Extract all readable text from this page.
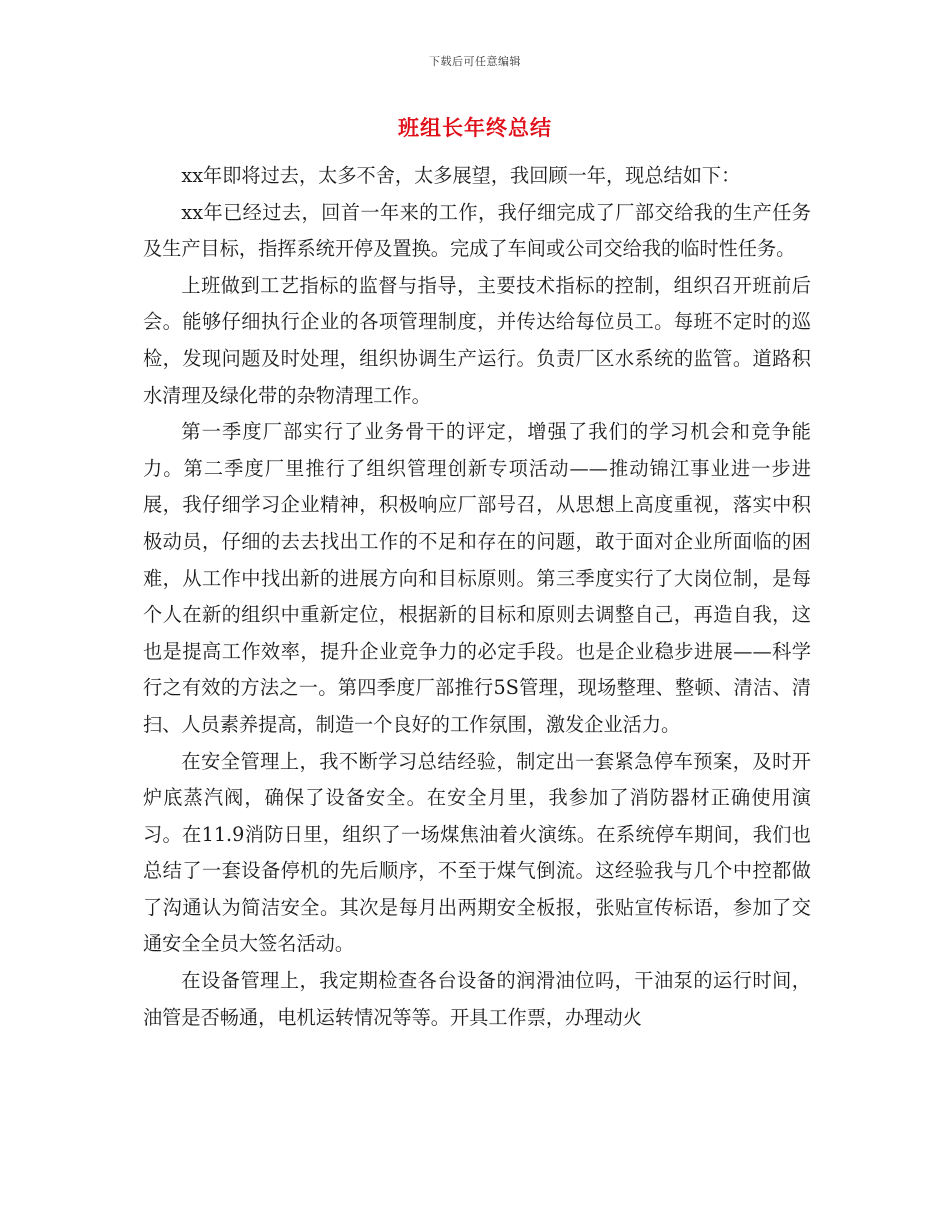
下载后可任意编辑
班组长年终总结

xx年即将过去，太多不舍，太多展望，我回顾一年，现总结如下：

xx年已经过去，回首一年来的工作，我仔细完成了厂部交给我的生产任务及生产目标，指挥系统开停及置换。完成了车间或公司交给我的临时性任务。

上班做到工艺指标的监督与指导，主要技术指标的控制，组织召开班前后会。能够仔细执行企业的各项管理制度，并传达给每位员工。每班不定时的巡检，发现问题及时处理，组织协调生产运行。负责厂区水系统的监管。道路积水清理及绿化带的杂物清理工作。

第一季度厂部实行了业务骨干的评定，增强了我们的学习机会和竞争能力。第二季度厂里推行了组织管理创新专项活动——推动锦江事业进一步进展，我仔细学习企业精神，积极响应厂部号召，从思想上高度重视，落实中积极动员，仔细的去去找出工作的不足和存在的问题，敢于面对企业所面临的困难，从工作中找出新的进展方向和目标原则。第三季度实行了大岗位制，是每个人在新的组织中重新定位，根据新的目标和原则去调整自己，再造自我，这也是提高工作效率，提升企业竞争力的必定手段。也是企业稳步进展——科学行之有效的方法之一。第四季度厂部推行5S管理，现场整理、整顿、清洁、清扫、人员素养提高，制造一个良好的工作氛围，激发企业活力。

在安全管理上，我不断学习总结经验，制定出一套紧急停车预案，及时开炉底蒸汽阀，确保了设备安全。在安全月里，我参加了消防器材正确使用演习。在11.9消防日里，组织了一场煤焦油着火演练。在系统停车期间，我们也总结了一套设备停机的先后顺序，不至于煤气倒流。这经验我与几个中控都做了沟通认为简洁安全。其次是每月出两期安全板报，张贴宣传标语，参加了交通安全全员大签名活动。

在设备管理上，我定期检查各台设备的润滑油位吗，干油泵的运行时间，油管是否畅通，电机运转情况等等。开具工作票，办理动火
